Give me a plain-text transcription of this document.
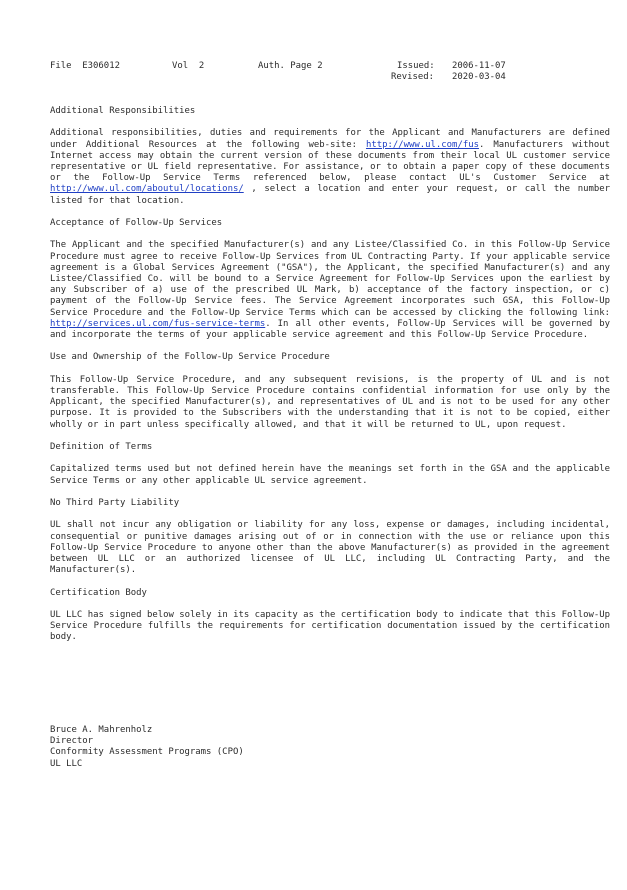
File  E306012	Vol  2	Auth. Page 2	Issued: 2006-11-07
Revised: 2020-03-04
Additional Responsibilities

Additional responsibilities, duties and requirements for the Applicant and Manufacturers are defined under Additional Resources at the following web-site: http://www.ul.com/fus. Manufacturers without Internet access may obtain the current version of these documents from their local UL customer service representative or UL field representative. For assistance, or to obtain a paper copy of these documents or the Follow-Up Service Terms referenced below, please contact UL's Customer Service at http://www.ul.com/aboutul/locations/ , select a location and enter your request, or call the number listed for that location.

Acceptance of Follow-Up Services

The Applicant and the specified Manufacturer(s) and any Listee/Classified Co. in this Follow-Up Service Procedure must agree to receive Follow-Up Services from UL Contracting Party. If your applicable service agreement is a Global Services Agreement ("GSA"), the Applicant, the specified Manufacturer(s) and any Listee/Classified Co. will be bound to a Service Agreement for Follow-Up Services upon the earliest by any Subscriber of a) use of the prescribed UL Mark, b) acceptance of the factory inspection, or c) payment of the Follow-Up Service fees. The Service Agreement incorporates such GSA, this Follow-Up Service Procedure and the Follow-Up Service Terms which can be accessed by clicking the following link: http://services.ul.com/fus-service-terms. In all other events, Follow-Up Services will be governed by and incorporate the terms of your applicable service agreement and this Follow-Up Service Procedure.

Use and Ownership of the Follow-Up Service Procedure

This Follow-Up Service Procedure, and any subsequent revisions, is the property of UL and is not transferable. This Follow-Up Service Procedure contains confidential information for use only by the Applicant, the specified Manufacturer(s), and representatives of UL and is not to be used for any other purpose. It is provided to the Subscribers with the understanding that it is not to be copied, either wholly or in part unless specifically allowed, and that it will be returned to UL, upon request.

Definition of Terms

Capitalized terms used but not defined herein have the meanings set forth in the GSA and the applicable Service Terms or any other applicable UL service agreement.

No Third Party Liability

UL shall not incur any obligation or liability for any loss, expense or damages, including incidental, consequential or punitive damages arising out of or in connection with the use or reliance upon this Follow-Up Service Procedure to anyone other than the above Manufacturer(s) as provided in the agreement between UL LLC or an authorized licensee of UL LLC, including UL Contracting Party, and the Manufacturer(s).

Certification Body

UL LLC has signed below solely in its capacity as the certification body to indicate that this Follow-Up Service Procedure fulfills the requirements for certification documentation issued by the certification body.

Bruce A. Mahrenholz
Director
Conformity Assessment Programs (CPO)
UL LLC
